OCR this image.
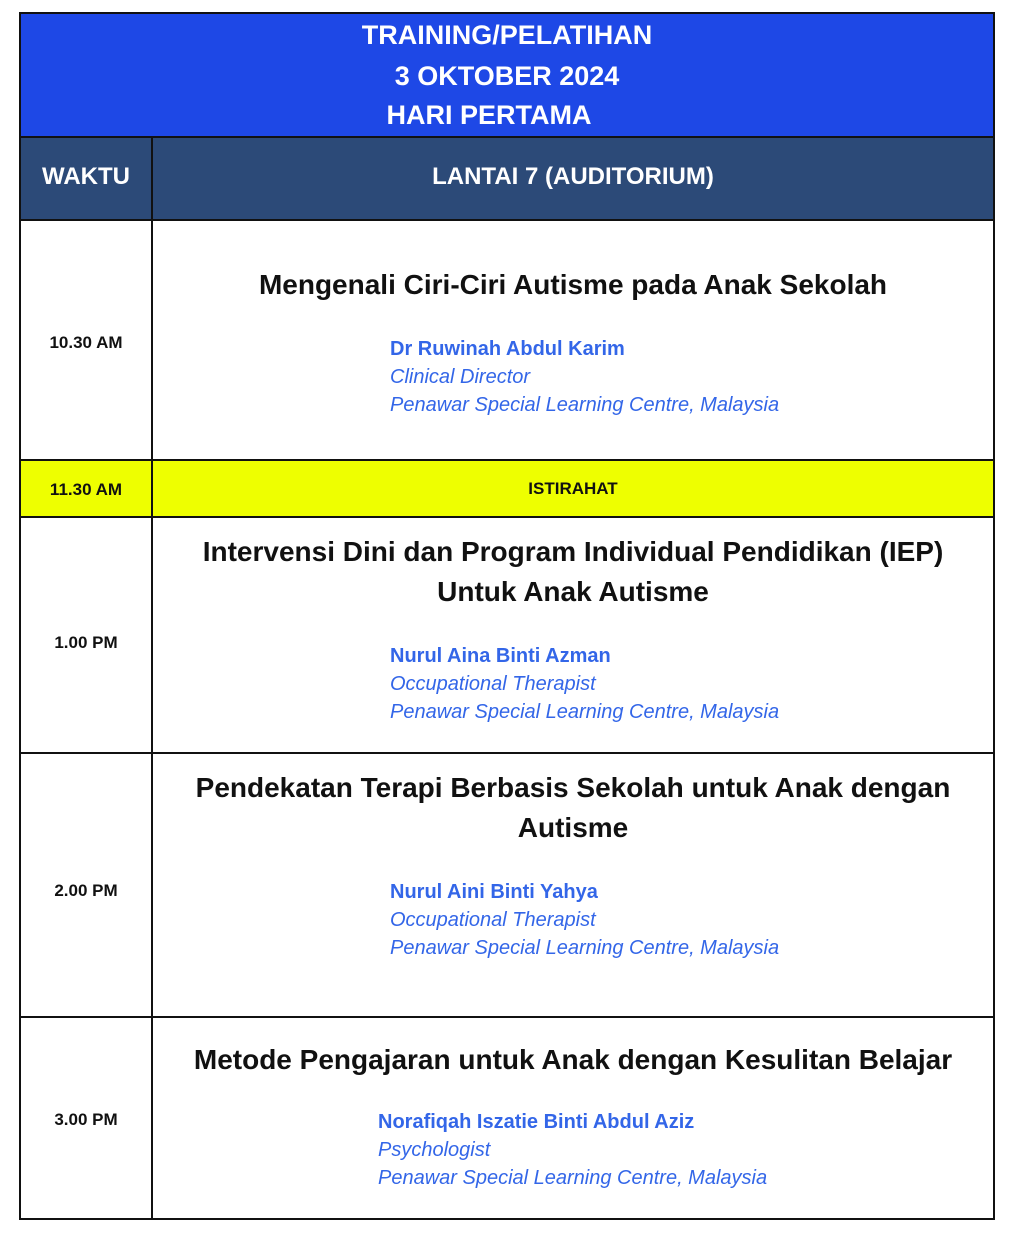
TRAINING/PELATIHAN
3 OKTOBER 2024
HARI PERTAMA
WAKTU	LANTAI 7 (AUDITORIUM)
10.30 AM
Mengenali Ciri-Ciri Autisme pada Anak Sekolah
Dr Ruwinah Abdul Karim
Clinical Director
Penawar Special Learning Centre, Malaysia
11.30 AM	ISTIRAHAT
1.00 PM
Intervensi Dini dan Program Individual Pendidikan (IEP)
Untuk Anak Autisme
Nurul Aina Binti Azman
Occupational Therapist
Penawar Special Learning Centre, Malaysia
2.00 PM
Pendekatan Terapi Berbasis Sekolah untuk Anak dengan
Autisme
Nurul Aini Binti Yahya
Occupational Therapist
Penawar Special Learning Centre, Malaysia
3.00 PM
Metode Pengajaran untuk Anak dengan Kesulitan Belajar
Norafiqah Iszatie Binti Abdul Aziz
Psychologist
Penawar Special Learning Centre, Malaysia
